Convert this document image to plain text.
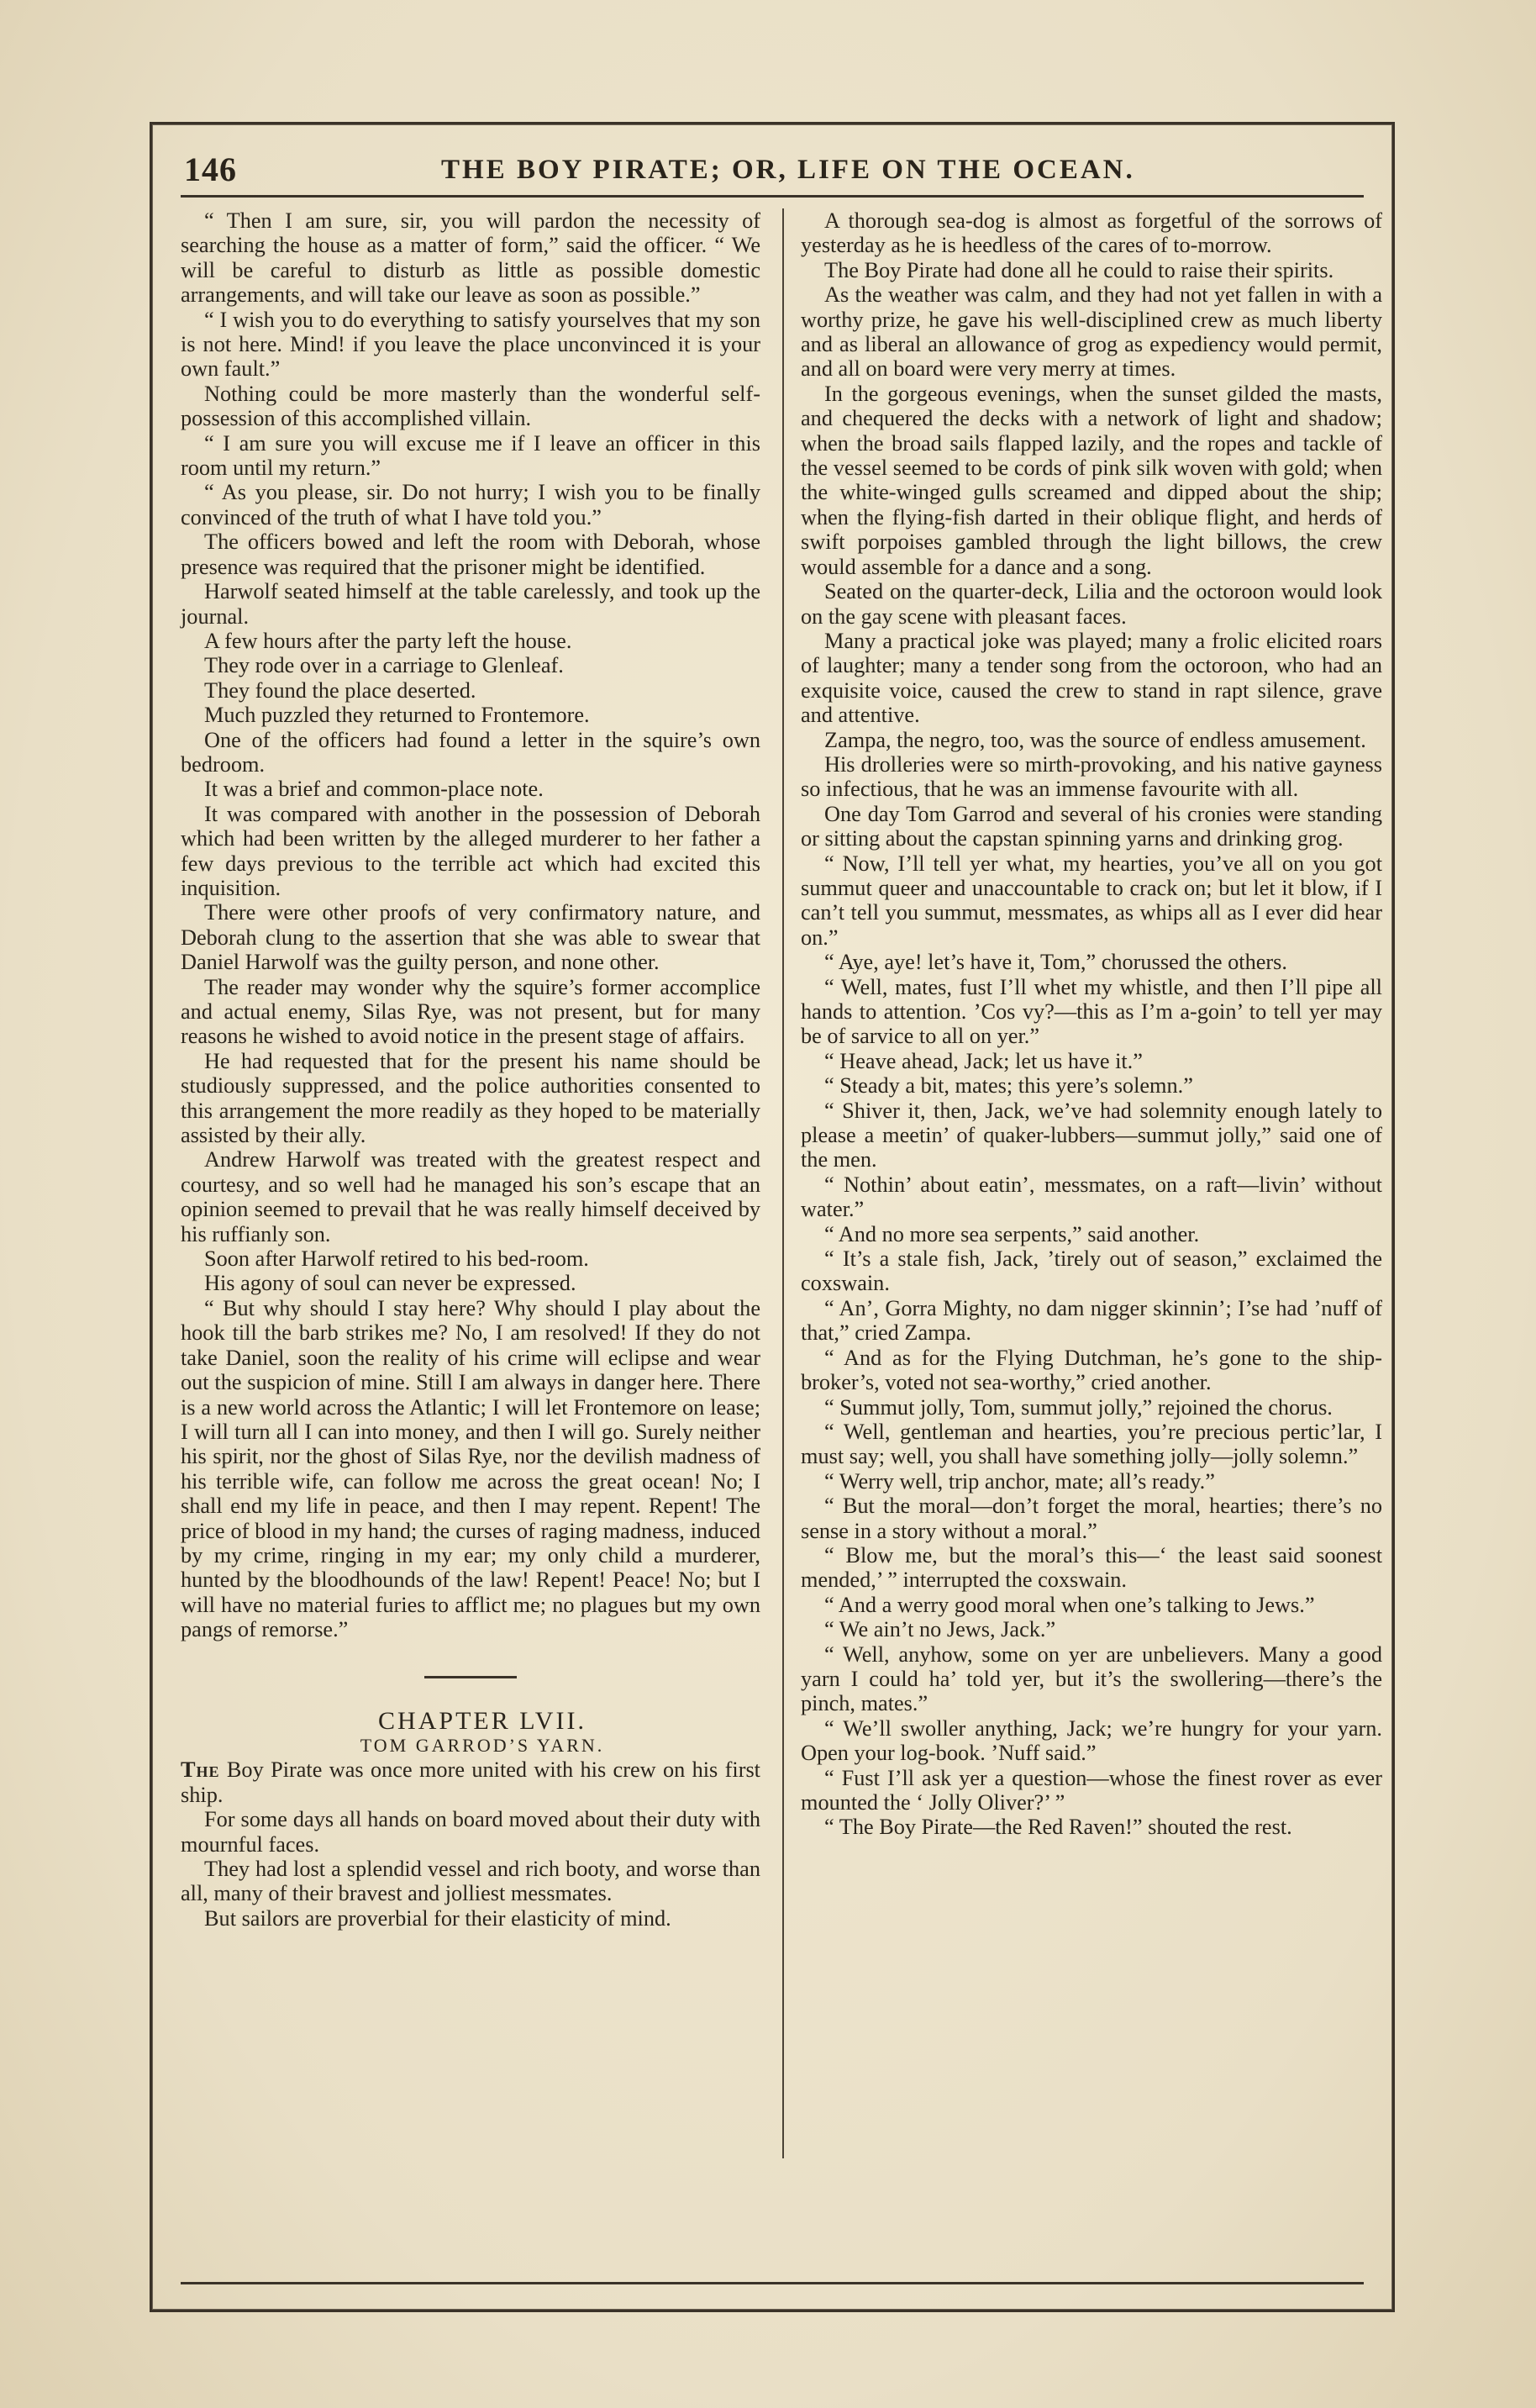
146	THE BOY PIRATE; OR, LIFE ON THE OCEAN.

“ Then I am sure, sir, you will pardon the necessity of searching the house as a matter of form,” said the officer. “ We will be careful to disturb as little as possible domestic arrangements, and will take our leave as soon as possible.”

“ I wish you to do everything to satisfy yourselves that my son is not here. Mind! if you leave the place unconvinced it is your own fault.”

Nothing could be more masterly than the wonderful self-possession of this accomplished villain.

“ I am sure you will excuse me if I leave an officer in this room until my return.”

“ As you please, sir. Do not hurry; I wish you to be finally convinced of the truth of what I have told you.”

The officers bowed and left the room with Deborah, whose presence was required that the prisoner might be identified.

Harwolf seated himself at the table carelessly, and took up the journal.

A few hours after the party left the house.

They rode over in a carriage to Glenleaf.

They found the place deserted.

Much puzzled they returned to Frontemore.

One of the officers had found a letter in the squire’s own bedroom.

It was a brief and common-place note.

It was compared with another in the possession of Deborah which had been written by the alleged murderer to her father a few days previous to the terrible act which had excited this inquisition.

There were other proofs of very confirmatory nature, and Deborah clung to the assertion that she was able to swear that Daniel Harwolf was the guilty person, and none other.

The reader may wonder why the squire’s former accomplice and actual enemy, Silas Rye, was not present, but for many reasons he wished to avoid notice in the present stage of affairs.

He had requested that for the present his name should be studiously suppressed, and the police authorities consented to this arrangement the more readily as they hoped to be materially assisted by their ally.

Andrew Harwolf was treated with the greatest respect and courtesy, and so well had he managed his son’s escape that an opinion seemed to prevail that he was really himself deceived by his ruffianly son.

Soon after Harwolf retired to his bed-room.

His agony of soul can never be expressed.

“ But why should I stay here? Why should I play about the hook till the barb strikes me? No, I am resolved! If they do not take Daniel, soon the reality of his crime will eclipse and wear out the suspicion of mine. Still I am always in danger here. There is a new world across the Atlantic; I will let Frontemore on lease; I will turn all I can into money, and then I will go. Surely neither his spirit, nor the ghost of Silas Rye, nor the devilish madness of his terrible wife, can follow me across the great ocean! No; I shall end my life in peace, and then I may repent. Repent! The price of blood in my hand; the curses of raging madness, induced by my crime, ringing in my ear; my only child a murderer, hunted by the bloodhounds of the law! Repent! Peace! No; but I will have no material furies to afflict me; no plagues but my own pangs of remorse.”

CHAPTER LVII.

TOM GARROD’S YARN.

The Boy Pirate was once more united with his crew on his first ship.

For some days all hands on board moved about their duty with mournful faces.

They had lost a splendid vessel and rich booty, and worse than all, many of their bravest and jolliest messmates.

But sailors are proverbial for their elasticity of mind.

A thorough sea-dog is almost as forgetful of the sorrows of yesterday as he is heedless of the cares of to-morrow.

The Boy Pirate had done all he could to raise their spirits.

As the weather was calm, and they had not yet fallen in with a worthy prize, he gave his well-disciplined crew as much liberty and as liberal an allowance of grog as expediency would permit, and all on board were very merry at times.

In the gorgeous evenings, when the sunset gilded the masts, and chequered the decks with a network of light and shadow; when the broad sails flapped lazily, and the ropes and tackle of the vessel seemed to be cords of pink silk woven with gold; when the white-winged gulls screamed and dipped about the ship; when the flying-fish darted in their oblique flight, and herds of swift porpoises gambled through the light billows, the crew would assemble for a dance and a song.

Seated on the quarter-deck, Lilia and the octoroon would look on the gay scene with pleasant faces.

Many a practical joke was played; many a frolic elicited roars of laughter; many a tender song from the octoroon, who had an exquisite voice, caused the crew to stand in rapt silence, grave and attentive.

Zampa, the negro, too, was the source of endless amusement.

His drolleries were so mirth-provoking, and his native gayness so infectious, that he was an immense favourite with all.

One day Tom Garrod and several of his cronies were standing or sitting about the capstan spinning yarns and drinking grog.

“ Now, I’ll tell yer what, my hearties, you’ve all on you got summut queer and unaccountable to crack on; but let it blow, if I can’t tell you summut, messmates, as whips all as I ever did hear on.”

“ Aye, aye! let’s have it, Tom,” chorussed the others.

“ Well, mates, fust I’ll whet my whistle, and then I’ll pipe all hands to attention. ’Cos vy?—this as I’m a-goin’ to tell yer may be of sarvice to all on yer.”

“ Heave ahead, Jack; let us have it.”

“ Steady a bit, mates; this yere’s solemn.”

“ Shiver it, then, Jack, we’ve had solemnity enough lately to please a meetin’ of quaker-lubbers—summut jolly,” said one of the men.

“ Nothin’ about eatin’, messmates, on a raft—livin’ without water.”

“ And no more sea serpents,” said another.

“ It’s a stale fish, Jack, ’tirely out of season,” exclaimed the coxswain.

“ An’, Gorra Mighty, no dam nigger skinnin’; I’se had ’nuff of that,” cried Zampa.

“ And as for the Flying Dutchman, he’s gone to the ship-broker’s, voted not sea-worthy,” cried another.

“ Summut jolly, Tom, summut jolly,” rejoined the chorus.

“ Well, gentleman and hearties, you’re precious pertic’lar, I must say; well, you shall have something jolly—jolly solemn.”

“ Werry well, trip anchor, mate; all’s ready.”

“ But the moral—don’t forget the moral, hearties; there’s no sense in a story without a moral.”

“ Blow me, but the moral’s this—‘ the least said soonest mended,’ ” interrupted the coxswain.

“ And a werry good moral when one’s talking to Jews.”

“ We ain’t no Jews, Jack.”

“ Well, anyhow, some on yer are unbelievers. Many a good yarn I could ha’ told yer, but it’s the swollering—there’s the pinch, mates.”

“ We’ll swoller anything, Jack; we’re hungry for your yarn. Open your log-book. ’Nuff said.”

“ Fust I’ll ask yer a question—whose the finest rover as ever mounted the ‘ Jolly Oliver?’ ”

“ The Boy Pirate—the Red Raven!” shouted the rest.
